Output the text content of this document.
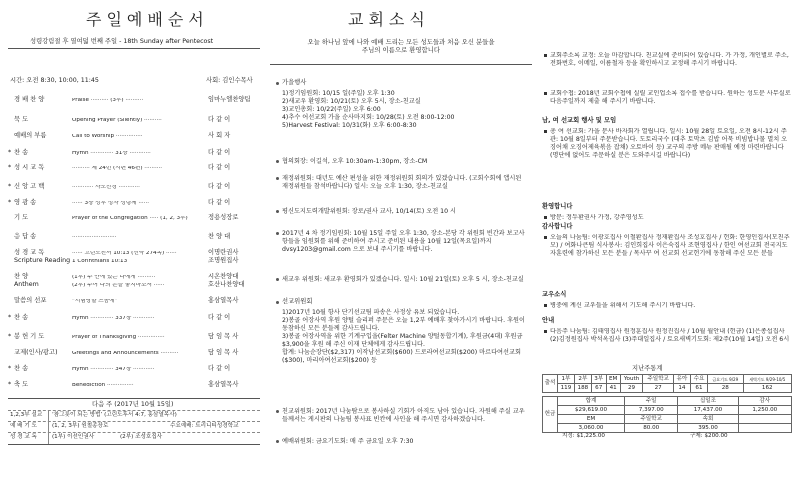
주일예배순서
성령강림절 후 열여덟 번째 주일 - 18th Sunday after Pentecost
시간: 오전 8:30, 10:00, 11:45	사회: 김인수목사
경 배 찬 양	Praise ·········· (3부) ··········	임마누엘찬양팀
묵 도	Opening Prayer (Silently) ··········	다 같 이
예배의 부름	Call to Worship ···············	사 회 자
* 찬 송	Hymn ············· 31장 ············	다 같 이
* 성 시 교 독	·········· 제 24번 (시편 46편) ··········	다 같 이
* 신 앙 고 백	············ 사도신경 ············	다 같 이
* 영 광 송	······ 3장 성부 성자 성령께 ······	다 같 이
기 도	Prayer of the Congregation ····· (1, 2, 3부)	정용성장로
응 답 송	·························	찬 양 대
성 경 교 독	······ 고린도전서 10:13 (신약 274쪽) ······	이명란권사
Scripture Reading 1 Corinthians 10:13	조명원집사
찬 양	(1부) 주 안에 있는 나에게 ··········	시온찬양대
Anthem	(2부) 주여 나의 손을 놓지마소서 ······	호산나찬양대
말씀의 선포	“시험당할 즈음에”	홍삼열목사
* 찬 송	Hymn ············· 337장 ············	다 같 이
* 봉 헌 기 도	Prayer of Thanksgiving ···············	담 임 목 사
교제(인사/광고)	Greetings and Announcements ··········	담 임 목 사
* 찬 송	Hymn ············· 347장 ············	다 같 이
* 축 도	Benediction ···············	홍삼열목사
다음 주 (2017년 10월 15일)
1,2,3부 설교 ‘참그릇이 되는 방법’ (고린도후서 4:7, 홍삼열목사)
예 배 기 도	(1, 2, 3부) 원철종장로	수요예배: 트리니티성경학교
성 경 교 독	(1부) 이선인권사	(2부) 조성호집사
교회소식
오늘 하나님 앞에 나와 예배 드리는 모든 성도들과 처음 오신 분들을 주님의 이름으로 환영합니다
가을행사
1)정기임원회: 10/15 일(주일) 오후 1:30
2)새교우 환영회: 10/21(토) 오후 5시, 장소-친교실
3)교인총회: 10/22(주일) 오후 6:00
4)추수 어선교회 가을 순사마지회: 10/28(토) 오전 8:00-12:00
5)Harvest Festival: 10/31(화) 오후 6:00-8:30
협의회장: 이길석, 오후 10:30am-1:30pm, 장소-CM
재정위원회: 대년도 예산 편성을 위한 재정위원회 회의가 있겠습니다. (고회수회에 앱시된 재정위원들 참석바랍니다) 일시: 오늘 오후 1:30, 장소-친교실
평신도지도력개발위원회: 장로/권사 교사, 10/14(토) 오전 10 시
2017년 4 차 정기임원회: 10월 15일 주일 오후 1:30, 장소-본당 각 위원회 빈간과 보고사항들을 임원회를 위해 준비하여 주시고 준비된 내용을 10월 12일(목요일)까지 dvsy1203@gmail.com 으로 보내 주시기를 바랍니다.
새교우 위원회: 새교우 환영회가 있겠습니다. 일시: 10월 21일(토) 오후 5 시, 장소-친교실
선교위원회
1)2017년 10월 항사 단기선교팀 파송은 사정상 유보 되었습니다.
2)봉골 어장사역 후원 양털 슬리퍼 주문은 오늘 1,2부 예배후 찾아가시기 바랍니다. 후원이 동참하신 모든 분들께 감사드립니다.
3)봉골 어장사역을 위한 기계구입을(Felter Machine 양털동합기계), 후원금(4대) 후원금 $3,900을 후원 해 주신 이재 단체에게 감사드립니다.
합계: 나눔순장단($2,317) 이작남선교회($600) 드로라여선교회($200) 마르다여선교회($300), 마리아여선교회($200) 등
친교위원회: 2017년 나눔탐으로 봉사하실 기회가 아직도 남아 있습니다. 자원해 주실 교우들께서는 게시판의 나눔팀 봉사표 빈칸에 사인을 해 주시면 감사하겠습니다.
예배위원회: 금요기도회: 매 주 금요일 오후 7:30
교회주소록 교정: 오늘 마감합니다. 친교실에 준비되어 있습니다. 가 가정, 개인별로 주소, 전화번호, 이메일, 이름철자 등을 확인하시고 교정해 주시기 바랍니다.
교회수첩: 2018년 교회수첩에 실릴 교인업소록 접수를 받습니다. 원하는 성도분 사무실로 다음주일까지 제출 해 주시기 바랍니다.
남, 여 선교회 행사 및 모임
총 여 선교회: 가을 문사 바자회가 열립니다. 일시: 10월 28일 토요일, 오전 8시-12시 주관: 10월 8일부터 주문받습니다. 도토리국수 (대추 토막츠 김밥 어묵 비빔밥나물 멸치 오징어채 오징어제육볶음 잡채) 오토바이 등) 교구의 주방 메뉴 판매될 예정 마련바랍니다(명단에 없어도 주문하실 분은 도와주시길 바랍니다)
환영합니다
방문: 정두환권사 가정, 강주영성도
감사합니다
오늘의 나눔팀: 이광호집사 이철환집사 정재환집사 조성호집사 / 헌화: 한영인집사(모친추모) / 여화나큰팀 식사봉사: 김인희집사 이은숙집사 조현영집사 / 한인 여선교회 전국지도자훈련에 참가하신 모든 분들 / 목사꾸 여 선교회 선교헌기에 동참해 주신 모든 분들
교우소식
병중에 계신 교우들을 위해서 기도해 주시기 바랍니다.
안내
다음주 나눔팀: 김태영집사 원정훈집사 원정진집사 / 10월 월안내 (헌금) (1)은종섭집사 (2)김정원집사 박석옥집사 (3)주대일집사 / 토요새벽기도회: 제2주(10월 14일) 오전 6시
지난주통계
출석	1부	2부	3부	EM	Youth	주일학교	유아	수요	금요기도 9/29	새벽기도 9/29-10/5
	119	188	67	41	29	27	14	61	28	162
헌금	합계	주일	십일조	감사
	$29,619.00	7,397.00	17,437.00	1,250.00
	EM	주일학교	속회	
	3,060.00	80.00	395.00	
지정: $1,225.00	구제: $200.00
